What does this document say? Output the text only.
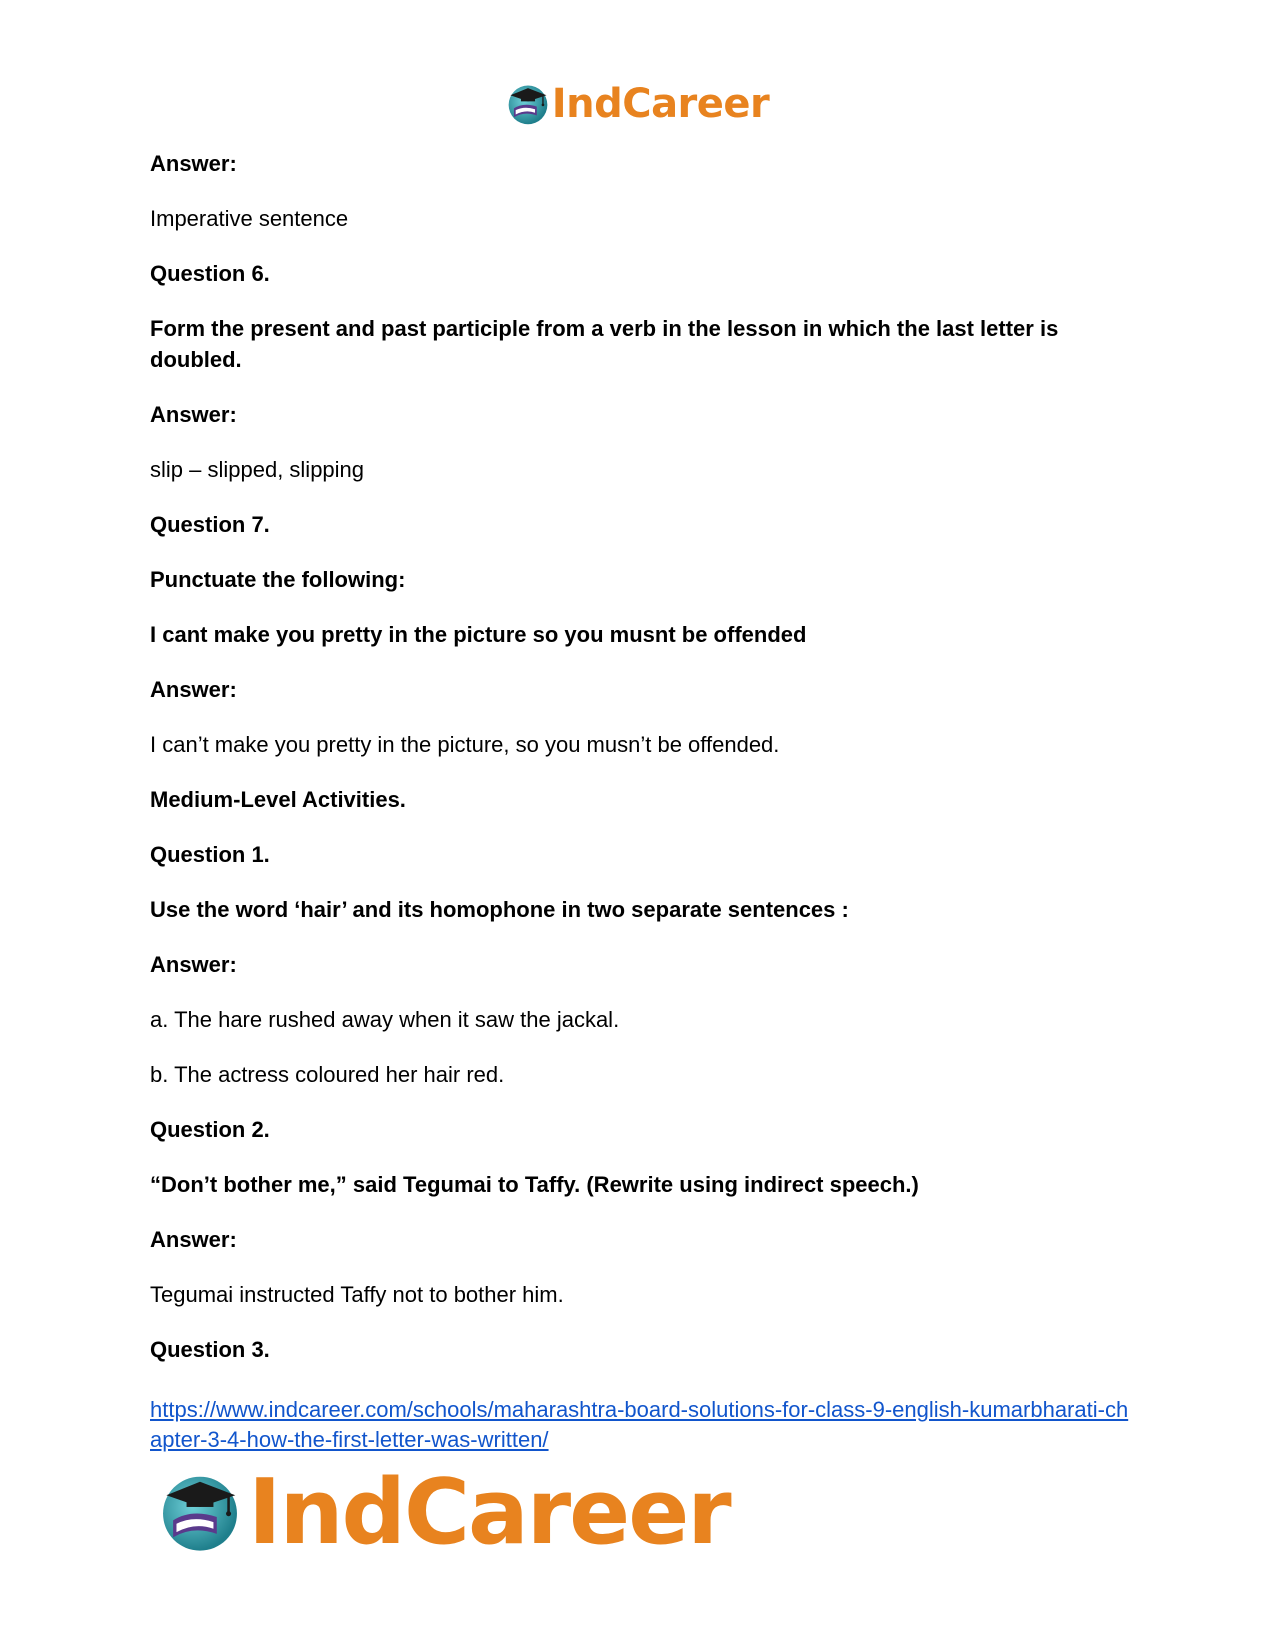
IndCareer
Answer:
Imperative sentence
Question 6.
Form the present and past participle from a verb in the lesson in which the last letter is doubled.
Answer:
slip – slipped, slipping
Question 7.
Punctuate the following:
I cant make you pretty in the picture so you musnt be offended
Answer:
I can’t make you pretty in the picture, so you musn’t be offended.
Medium-Level Activities.
Question 1.
Use the word ‘hair’ and its homophone in two separate sentences :
Answer:
a. The hare rushed away when it saw the jackal.
b. The actress coloured her hair red.
Question 2.
“Don’t bother me,” said Tegumai to Taffy. (Rewrite using indirect speech.)
Answer:
Tegumai instructed Taffy not to bother him.
Question 3.
https://www.indcareer.com/schools/maharashtra-board-solutions-for-class-9-english-kumarbharati-chapter-3-4-how-the-first-letter-was-written/
IndCareer
